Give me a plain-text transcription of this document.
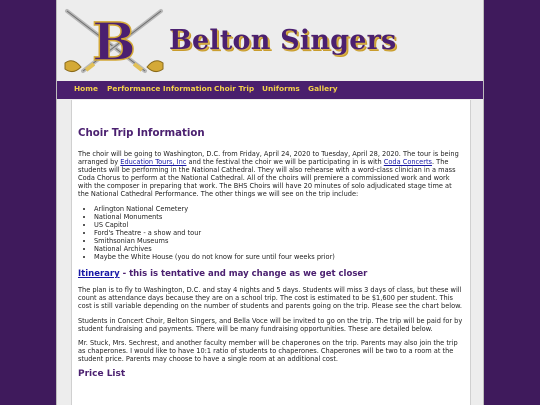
B Belton Singers
Home Performance Information Choir Trip Uniforms Gallery
Choir Trip Information

The choir will be going to Washington, D.C. from Friday, April 24, 2020 to Tuesday, April 28, 2020. The tour is being arranged by Education Tours, Inc and the festival the choir we will be participating in is with Coda Concerts. The students will be performing in the National Cathedral. They will also rehearse with a word-class clinician in a mass Coda Chorus to perform at the National Cathedral. All of the choirs will premiere a commissioned work and work with the composer in preparing that work. The BHS Choirs will have 20 minutes of solo adjudicated stage time at the National Cathedral Performance. The other things we will see on the trip include:

• Arlington National Cemetery
• National Monuments
• US Capitol
• Ford's Theatre - a show and tour
• Smithsonian Museums
• National Archives
• Maybe the White House (you do not know for sure until four weeks prior)
Itinerary - this is tentative and may change as we get closer

The plan is to fly to Washington, D.C. and stay 4 nights and 5 days. Students will miss 3 days of class, but these will count as attendance days because they are on a school trip. The cost is estimated to be $1,600 per student. This cost is still variable depending on the number of students and parents going on the trip. Please see the chart below.

Students in Concert Choir, Belton Singers, and Bella Voce will be invited to go on the trip. The trip will be paid for by student fundraising and payments. There will be many fundraising opportunities. These are detailed below.

Mr. Stuck, Mrs. Sechrest, and another faculty member will be chaperones on the trip. Parents may also join the trip as chaperones. I would like to have 10:1 ratio of students to chaperones. Chaperones will be two to a room at the student price. Parents may choose to have a single room at an additional cost.

Price List
